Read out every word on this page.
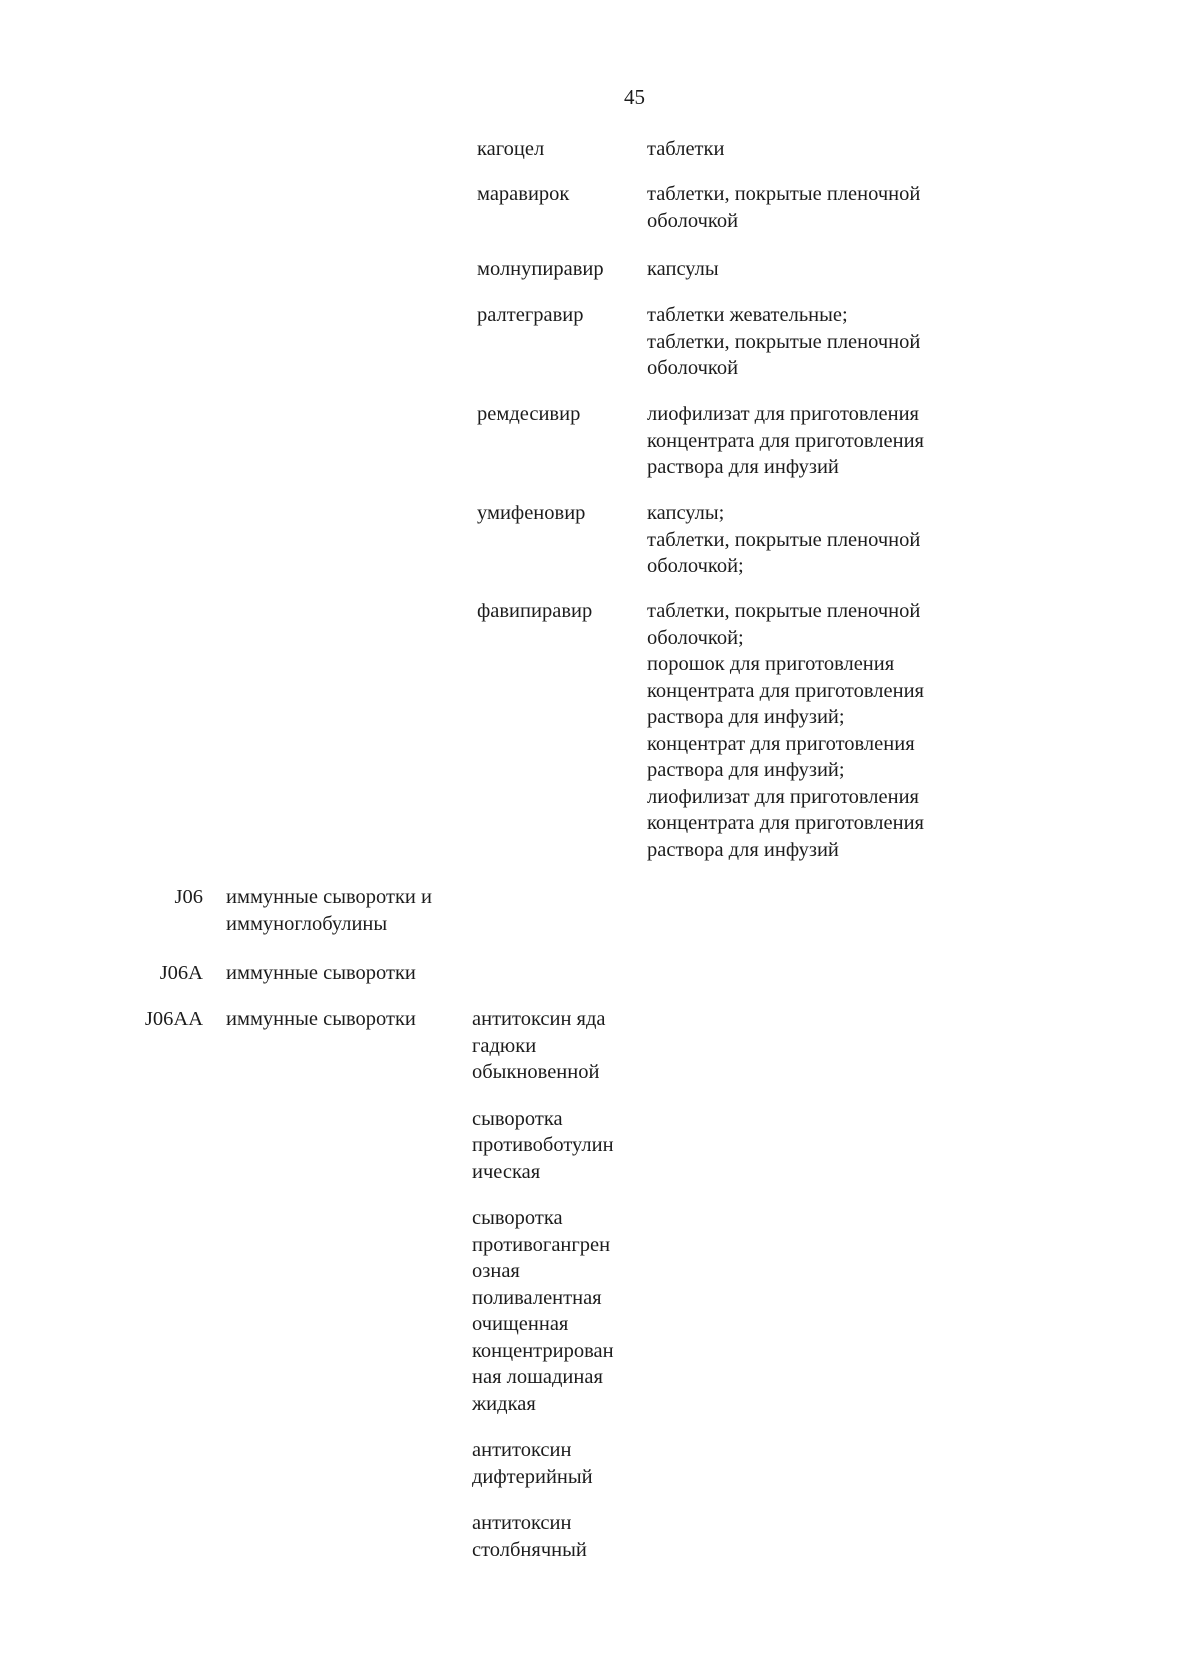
45
кагоцел	таблетки
маравирок	таблетки, покрытые пленочной
оболочкой
молнупиравир капсулы
ралтегравир	таблетки жевательные;
таблетки, покрытые пленочной
оболочкой
ремдесивир	лиофилизат для приготовления
концентрата для приготовления
раствора для инфузий
умифеновир	капсулы;
таблетки, покрытые пленочной
оболочкой;
фавипиравир	таблетки, покрытые пленочной
оболочкой;
порошок для приготовления
концентрата для приготовления
раствора для инфузий;
концентрат для приготовления
раствора для инфузий;
лиофилизат для приготовления
концентрата для приготовления
раствора для инфузий
J06 иммунные сыворотки и
иммуноглобулины
J06A иммунные сыворотки
J06AA иммунные сыворотки	антитоксин яда
гадюки
обыкновенной
сыворотка
противоботулин
ическая
сыворотка
противогангрен
озная
поливалентная
очищенная
концентрирован
ная лошадиная
жидкая
антитоксин
дифтерийный
антитоксин
столбнячный
